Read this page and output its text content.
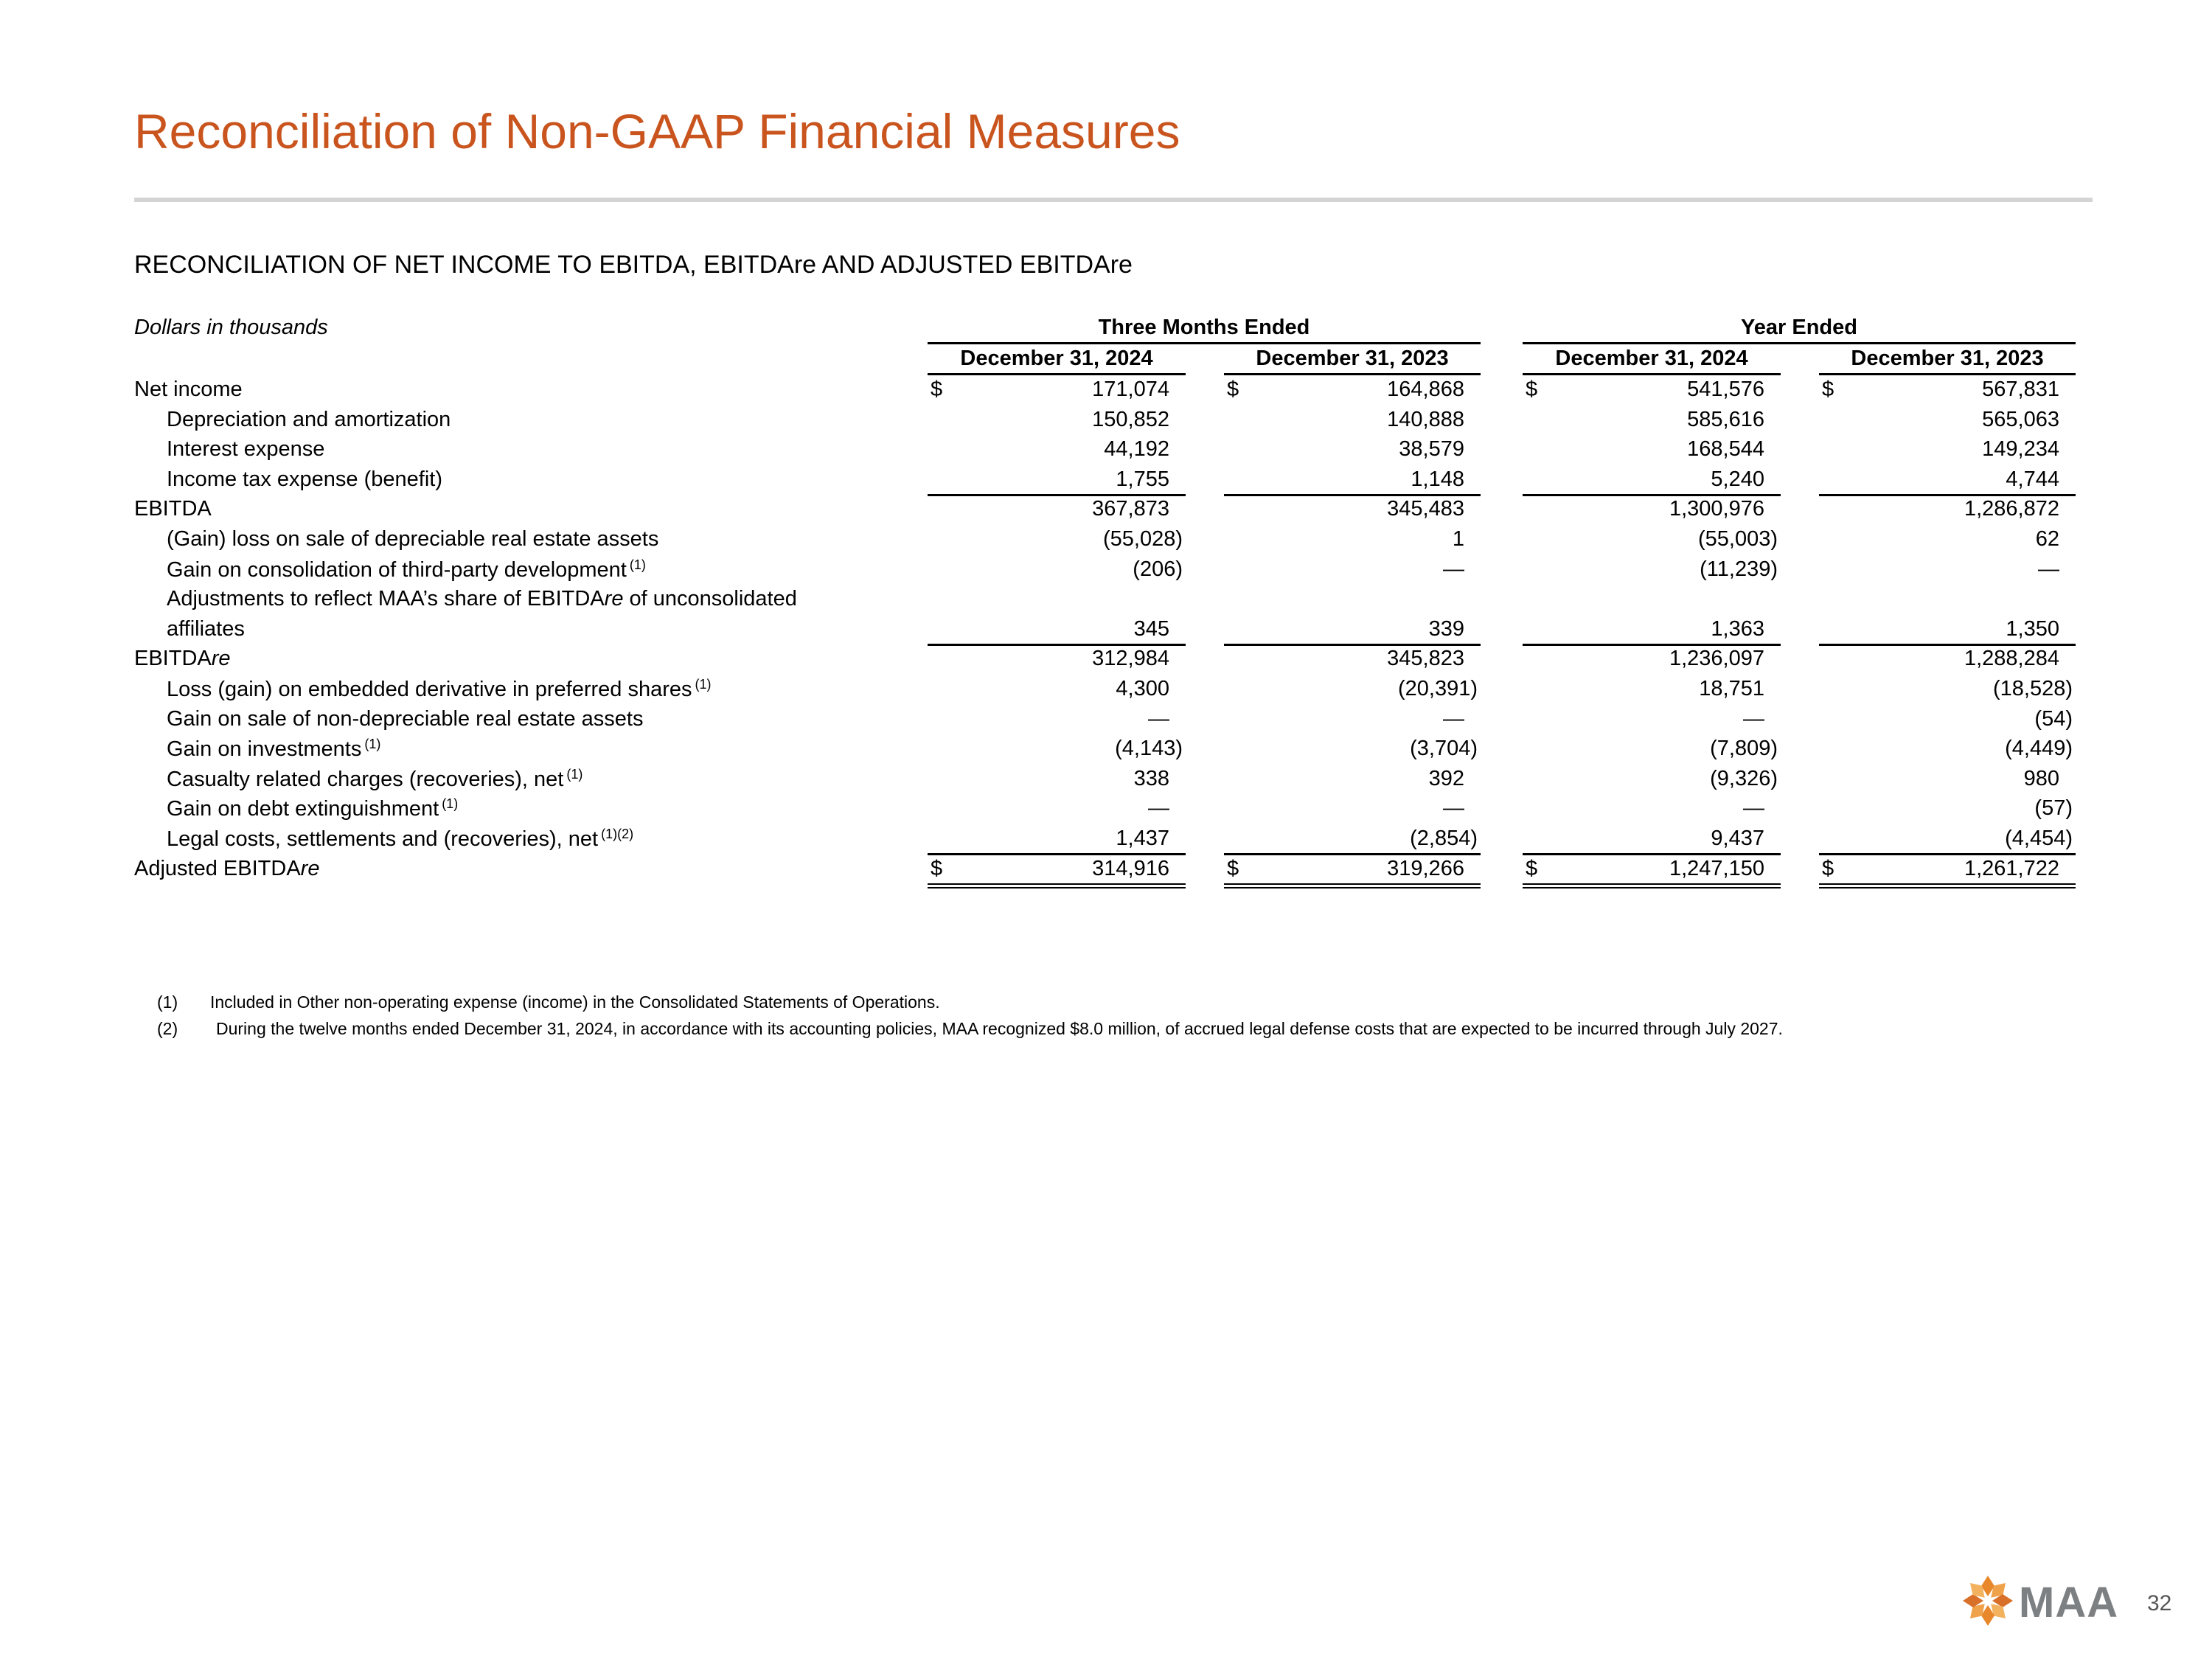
Reconciliation of Non-GAAP Financial Measures
RECONCILIATION OF NET INCOME TO EBITDA, EBITDAre AND ADJUSTED EBITDAre
Dollars in thousands	Three Months Ended	Year Ended
December 31, 2024	December 31, 2023	December 31, 2024	December 31, 2023
Net income	$	171,074	$	164,868	$	541,576	$	567,831
Depreciation and amortization	150,852	140,888	585,616	565,063
Interest expense	44,192	38,579	168,544	149,234
Income tax expense (benefit)	1,755	1,148	5,240	4,744
EBITDA	367,873	345,483	1,300,976	1,286,872
(Gain) loss on sale of depreciable real estate assets	(55,028)	1	(55,003)	62
Gain on consolidation of third-party development $^{(1)}$	(206)	—	(11,239)	—
Adjustments to reflect MAA’s share of EBITDAre of unconsolidated
affiliates	345	339	1,363	1,350
EBITDAre	312,984	345,823	1,236,097	1,288,284
Loss (gain) on embedded derivative in preferred shares $^{(1)}$	4,300	(20,391)	18,751	(18,528)
Gain on sale of non-depreciable real estate assets	—	—	—	(54)
Gain on investments $^{(1)}$	(4,143)	(3,704)	(7,809)	(4,449)
Casualty related charges (recoveries), net $^{(1)}$	338	392	(9,326)	980
Gain on debt extinguishment $^{(1)}$	—	—	—	(57)
Legal costs, settlements and (recoveries), net $^{(1)(2)}$	1,437	(2,854)	9,437	(4,454)
Adjusted EBITDAre	$	314,916	$	319,266	$	1,247,150	$	1,261,722
(1) Included in Other non-operating expense (income) in the Consolidated Statements of Operations.
(2) During the twelve months ended December 31, 2024, in accordance with its accounting policies, MAA recognized $8.0 million, of accrued legal defense costs that are expected to be incurred through July 2027.
MAA 32
